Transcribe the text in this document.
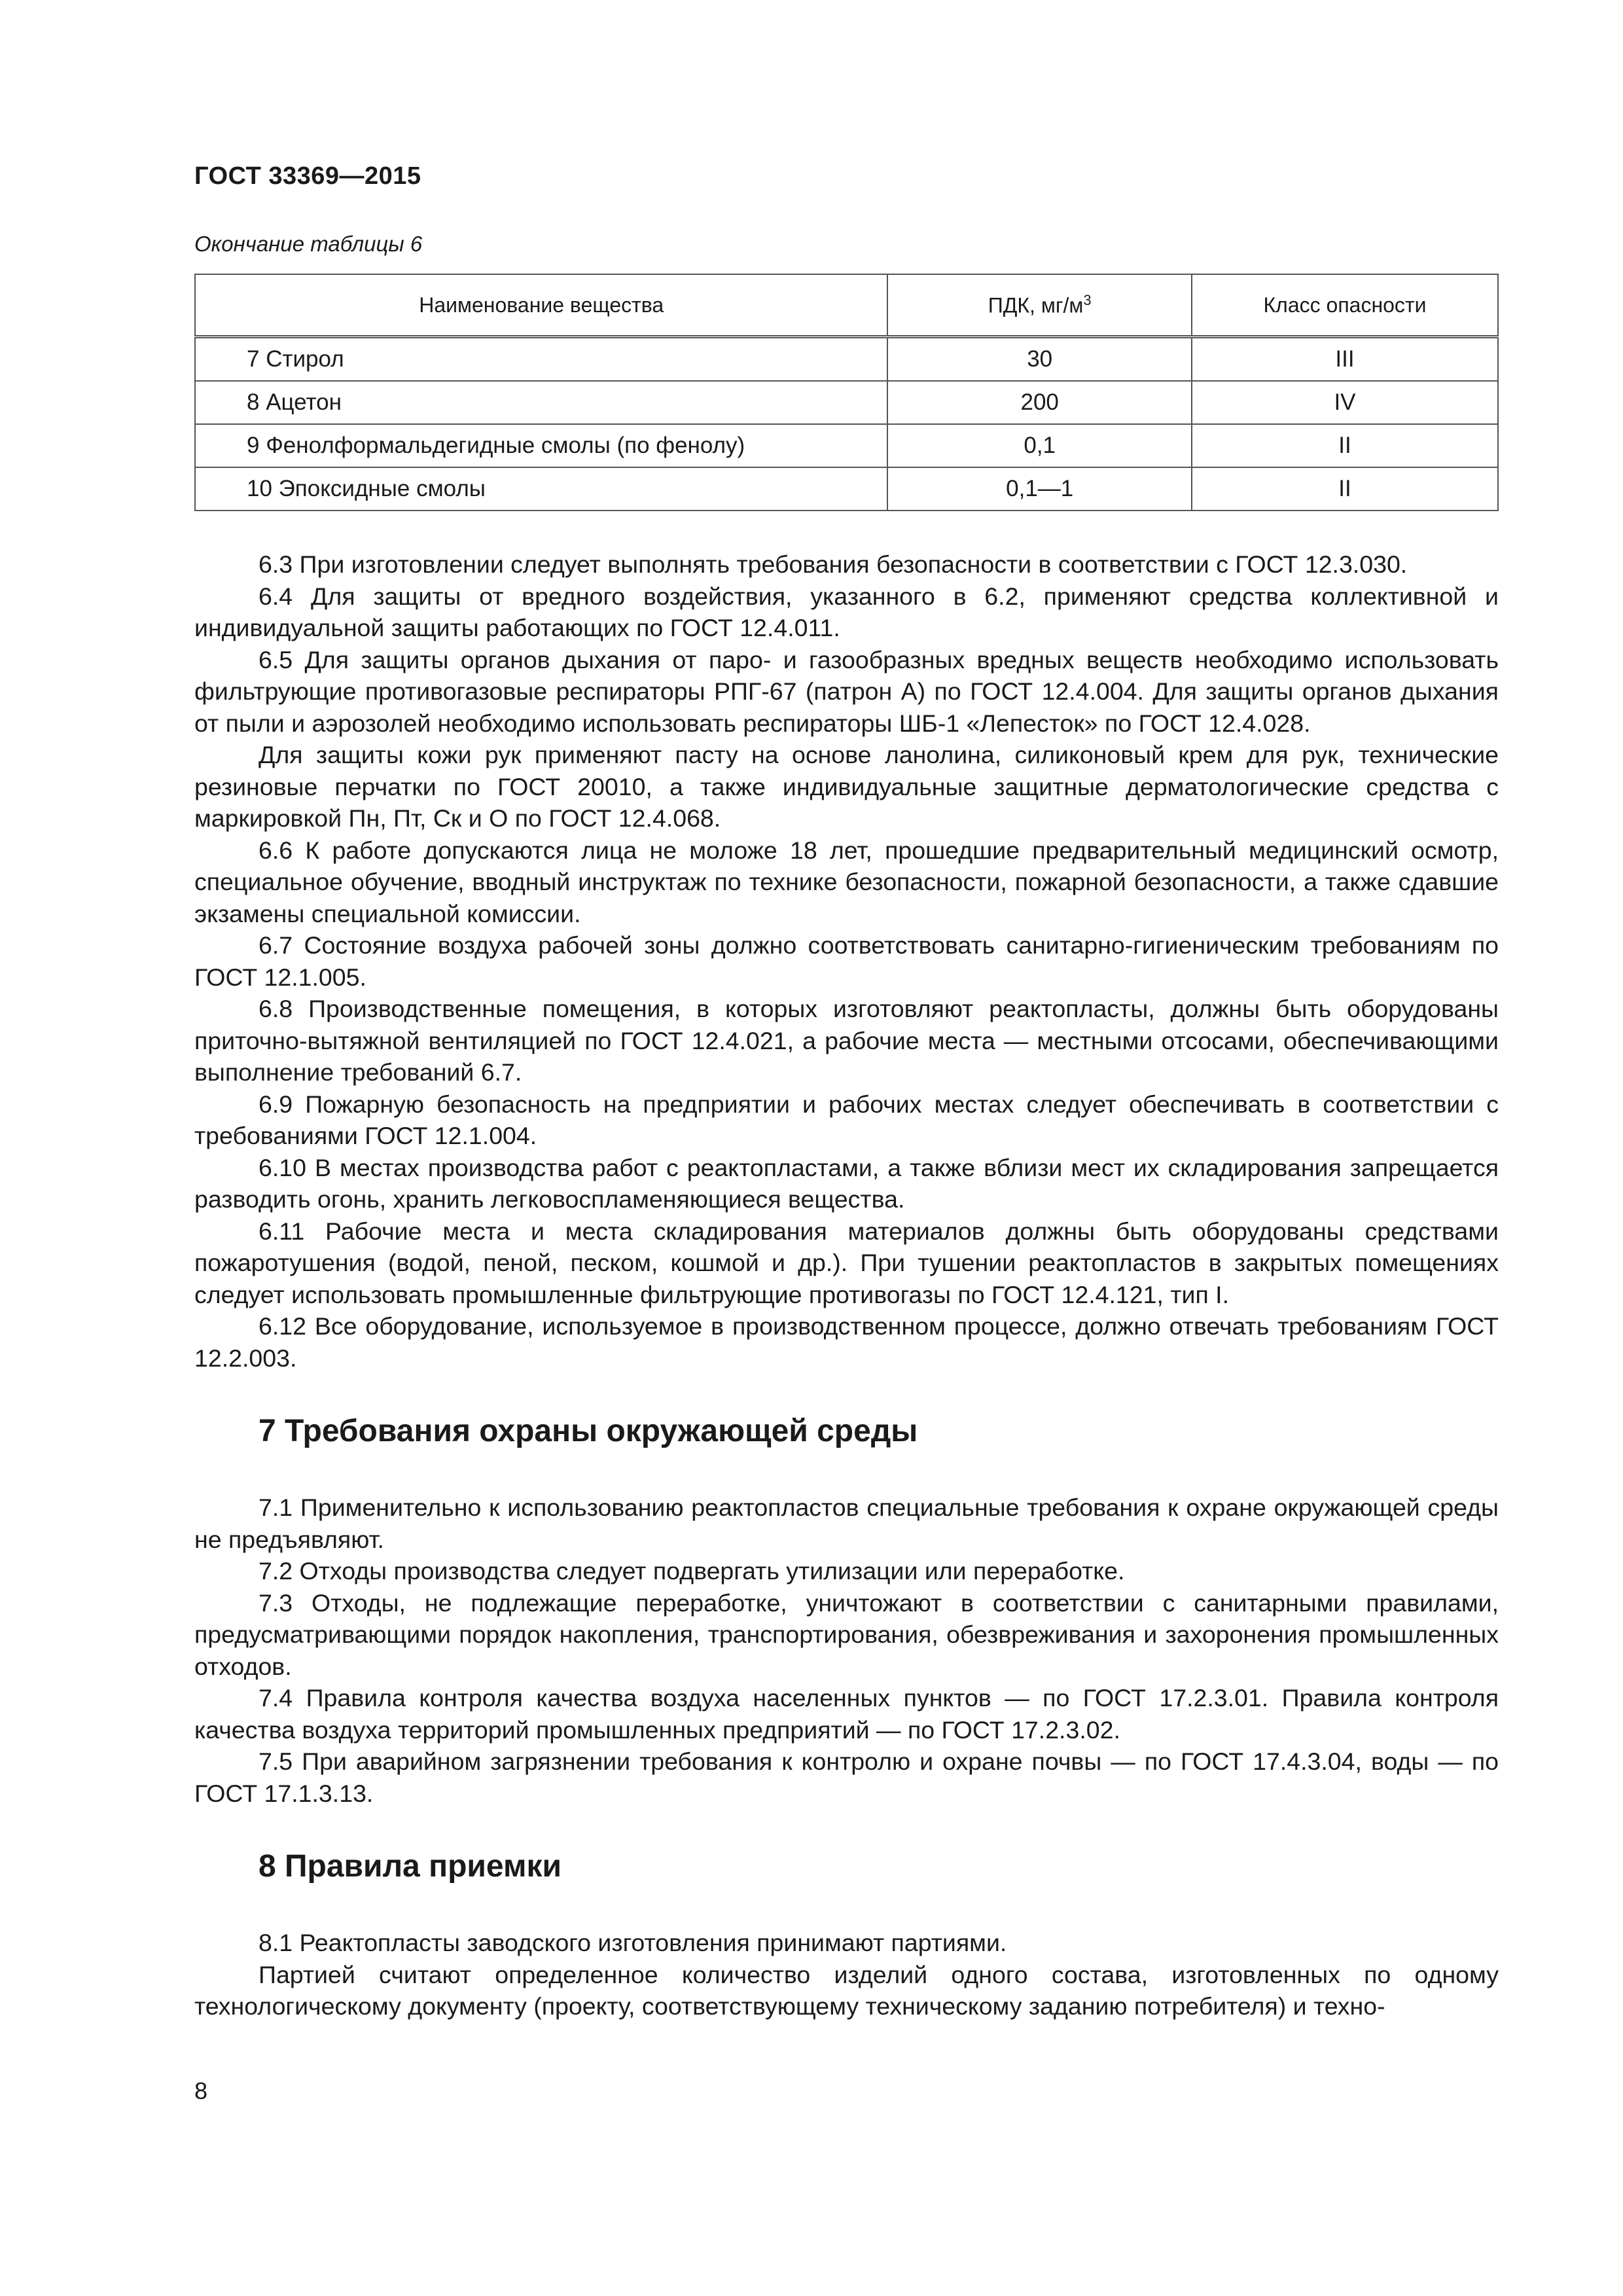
ГОСТ 33369—2015
Окончание таблицы 6
Наименование вещества	ПДК, $мг/м^3$	Класс опасности
7 Стирол	30	III
8 Ацетон	200	IV
9 Фенолформальдегидные смолы (по фенолу)	0,1	II
10 Эпоксидные смолы	0,1—1	II

6.3 При изготовлении следует выполнять требования безопасности в соответствии с ГОСТ 12.3.030.

6.4 Для защиты от вредного воздействия, указанного в 6.2, применяют средства коллективной и индивидуальной защиты работающих по ГОСТ 12.4.011.

6.5 Для защиты органов дыхания от паро- и газообразных вредных веществ необходимо использовать фильтрующие противогазовые респираторы РПГ-67 (патрон А) по ГОСТ 12.4.004. Для защиты органов дыхания от пыли и аэрозолей необходимо использовать респираторы ШБ-1 «Лепесток» по ГОСТ 12.4.028.

Для защиты кожи рук применяют пасту на основе ланолина, силиконовый крем для рук, технические резиновые перчатки по ГОСТ 20010, а также индивидуальные защитные дерматологические средства с маркировкой Пн, Пт, Ск и О по ГОСТ 12.4.068.

6.6 К работе допускаются лица не моложе 18 лет, прошедшие предварительный медицинский осмотр, специальное обучение, вводный инструктаж по технике безопасности, пожарной безопасности, а также сдавшие экзамены специальной комиссии.

6.7 Состояние воздуха рабочей зоны должно соответствовать санитарно-гигиеническим требованиям по ГОСТ 12.1.005.

6.8 Производственные помещения, в которых изготовляют реактопласты, должны быть оборудованы приточно-вытяжной вентиляцией по ГОСТ 12.4.021, а рабочие места — местными отсосами, обеспечивающими выполнение требований 6.7.

6.9 Пожарную безопасность на предприятии и рабочих местах следует обеспечивать в соответствии с требованиями ГОСТ 12.1.004.

6.10 В местах производства работ с реактопластами, а также вблизи мест их складирования запрещается разводить огонь, хранить легковоспламеняющиеся вещества.

6.11 Рабочие места и места складирования материалов должны быть оборудованы средствами пожаротушения (водой, пеной, песком, кошмой и др.). При тушении реактопластов в закрытых помещениях следует использовать промышленные фильтрующие противогазы по ГОСТ 12.4.121, тип I.

6.12 Все оборудование, используемое в производственном процессе, должно отвечать требованиям ГОСТ 12.2.003.

7 Требования охраны окружающей среды

7.1 Применительно к использованию реактопластов специальные требования к охране окружающей среды не предъявляют.

7.2 Отходы производства следует подвергать утилизации или переработке.

7.3 Отходы, не подлежащие переработке, уничтожают в соответствии с санитарными правилами, предусматривающими порядок накопления, транспортирования, обезвреживания и захоронения промышленных отходов.

7.4 Правила контроля качества воздуха населенных пунктов — по ГОСТ 17.2.3.01. Правила контроля качества воздуха территорий промышленных предприятий — по ГОСТ 17.2.3.02.

7.5 При аварийном загрязнении требования к контролю и охране почвы — по ГОСТ 17.4.3.04, воды — по ГОСТ 17.1.3.13.

8 Правила приемки

8.1 Реактопласты заводского изготовления принимают партиями.

Партией считают определенное количество изделий одного состава, изготовленных по одному технологическому документу (проекту, соответствующему техническому заданию потребителя) и техно-

8
